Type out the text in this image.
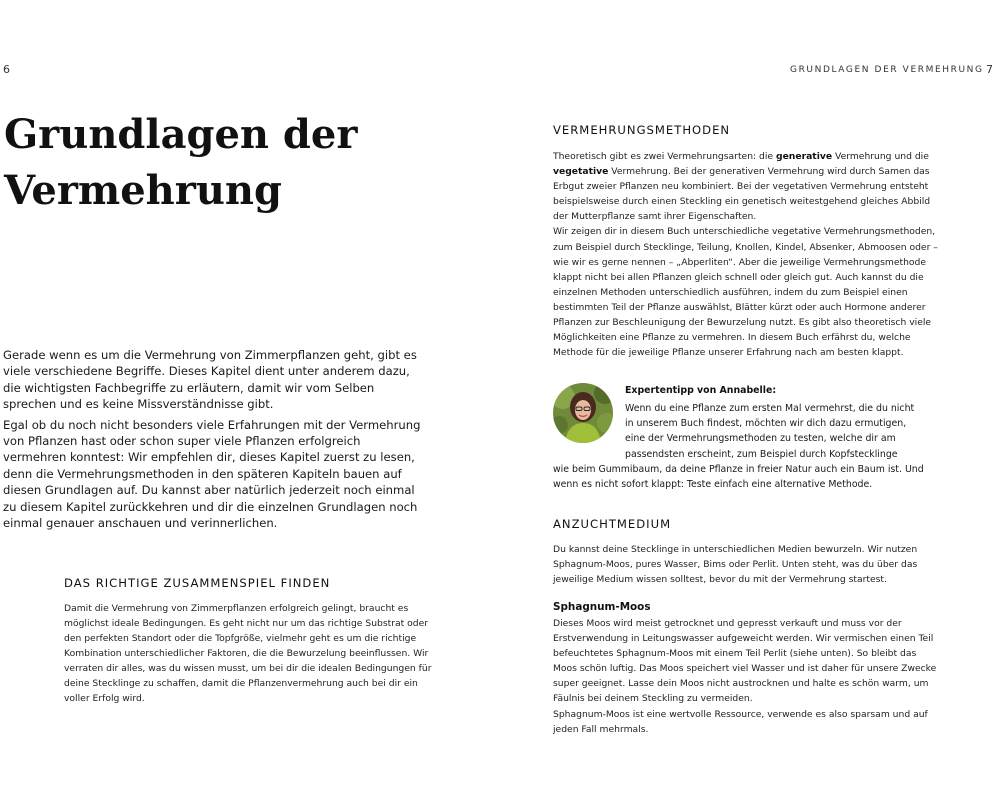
6	GRUNDLAGEN DER VERMEHRUNG 7
Grundlagen der
Vermehrung

Gerade wenn es um die Vermehrung von Zimmerpflanzen geht, gibt es viele verschiedene Begriffe. Dieses Kapitel dient unter anderem dazu, die wichtigsten Fachbegriffe zu erläutern, damit wir vom Selben sprechen und es keine Missverständnisse gibt.

Egal ob du noch nicht besonders viele Erfahrungen mit der Vermehrung von Pflanzen hast oder schon super viele Pflanzen erfolgreich vermehren konntest: Wir empfehlen dir, dieses Kapitel zuerst zu lesen, denn die Vermehrungsmethoden in den späteren Kapiteln bauen auf diesen Grundlagen auf. Du kannst aber natürlich jederzeit noch einmal zu diesem Kapitel zurückkehren und dir die einzelnen Grundlagen noch einmal genauer anschauen und verinnerlichen.

DAS RICHTIGE ZUSAMMENSPIEL FINDEN

Damit die Vermehrung von Zimmerpflanzen erfolgreich gelingt, braucht es möglichst ideale Bedingungen. Es geht nicht nur um das richtige Substrat oder den perfekten Standort oder die Topfgröße, vielmehr geht es um die richtige Kombination unterschiedlicher Faktoren, die die Bewurzelung beeinflussen. Wir verraten dir alles, was du wissen musst, um bei dir die idealen Bedingungen für deine Stecklinge zu schaffen, damit die Pflanzenvermehrung auch bei dir ein voller Erfolg wird.

VERMEHRUNGSMETHODEN

Theoretisch gibt es zwei Vermehrungsarten: die generative Vermehrung und die vegetative Vermehrung. Bei der generativen Vermehrung wird durch Samen das Erbgut zweier Pflanzen neu kombiniert. Bei der vegetativen Vermehrung entsteht beispielsweise durch einen Steckling ein genetisch weitestgehend gleiches Abbild der Mutterpflanze samt ihrer Eigenschaften.

Wir zeigen dir in diesem Buch unterschiedliche vegetative Vermehrungsmethoden, zum Beispiel durch Stecklinge, Teilung, Knollen, Kindel, Absenker, Abmoosen oder – wie wir es gerne nennen – „Abperliten“. Aber die jeweilige Vermehrungsmethode klappt nicht bei allen Pflanzen gleich schnell oder gleich gut. Auch kannst du die einzelnen Methoden unterschiedlich ausführen, indem du zum Beispiel einen bestimmten Teil der Pflanze auswählst, Blätter kürzt oder auch Hormone anderer Pflanzen zur Beschleunigung der Bewurzelung nutzt. Es gibt also theoretisch viele Möglichkeiten eine Pflanze zu vermehren. In diesem Buch erfährst du, welche Methode für die jeweilige Pflanze unserer Erfahrung nach am besten klappt.

Expertentipp von Annabelle:

Wenn du eine Pflanze zum ersten Mal vermehrst, die du nicht
in unserem Buch findest, möchten wir dich dazu ermutigen,
eine der Vermehrungsmethoden zu testen, welche dir am
passendsten erscheint, zum Beispiel durch Kopfstecklinge
wie beim Gummibaum, da deine Pflanze in freier Natur auch ein Baum ist. Und wenn es nicht sofort klappt: Teste einfach eine alternative Methode.

ANZUCHTMEDIUM

Du kannst deine Stecklinge in unterschiedlichen Medien bewurzeln. Wir nutzen Sphagnum-Moos, pures Wasser, Bims oder Perlit. Unten steht, was du über das jeweilige Medium wissen solltest, bevor du mit der Vermehrung startest.

Sphagnum-Moos

Dieses Moos wird meist getrocknet und gepresst verkauft und muss vor der Erstverwendung in Leitungswasser aufgeweicht werden. Wir vermischen einen Teil befeuchtetes Sphagnum-Moos mit einem Teil Perlit (siehe unten). So bleibt das Moos schön luftig. Das Moos speichert viel Wasser und ist daher für unsere Zwecke super geeignet. Lasse dein Moos nicht austrocknen und halte es schön warm, um Fäulnis bei deinem Steckling zu vermeiden.

Sphagnum-Moos ist eine wertvolle Ressource, verwende es also sparsam und auf jeden Fall mehrmals.
